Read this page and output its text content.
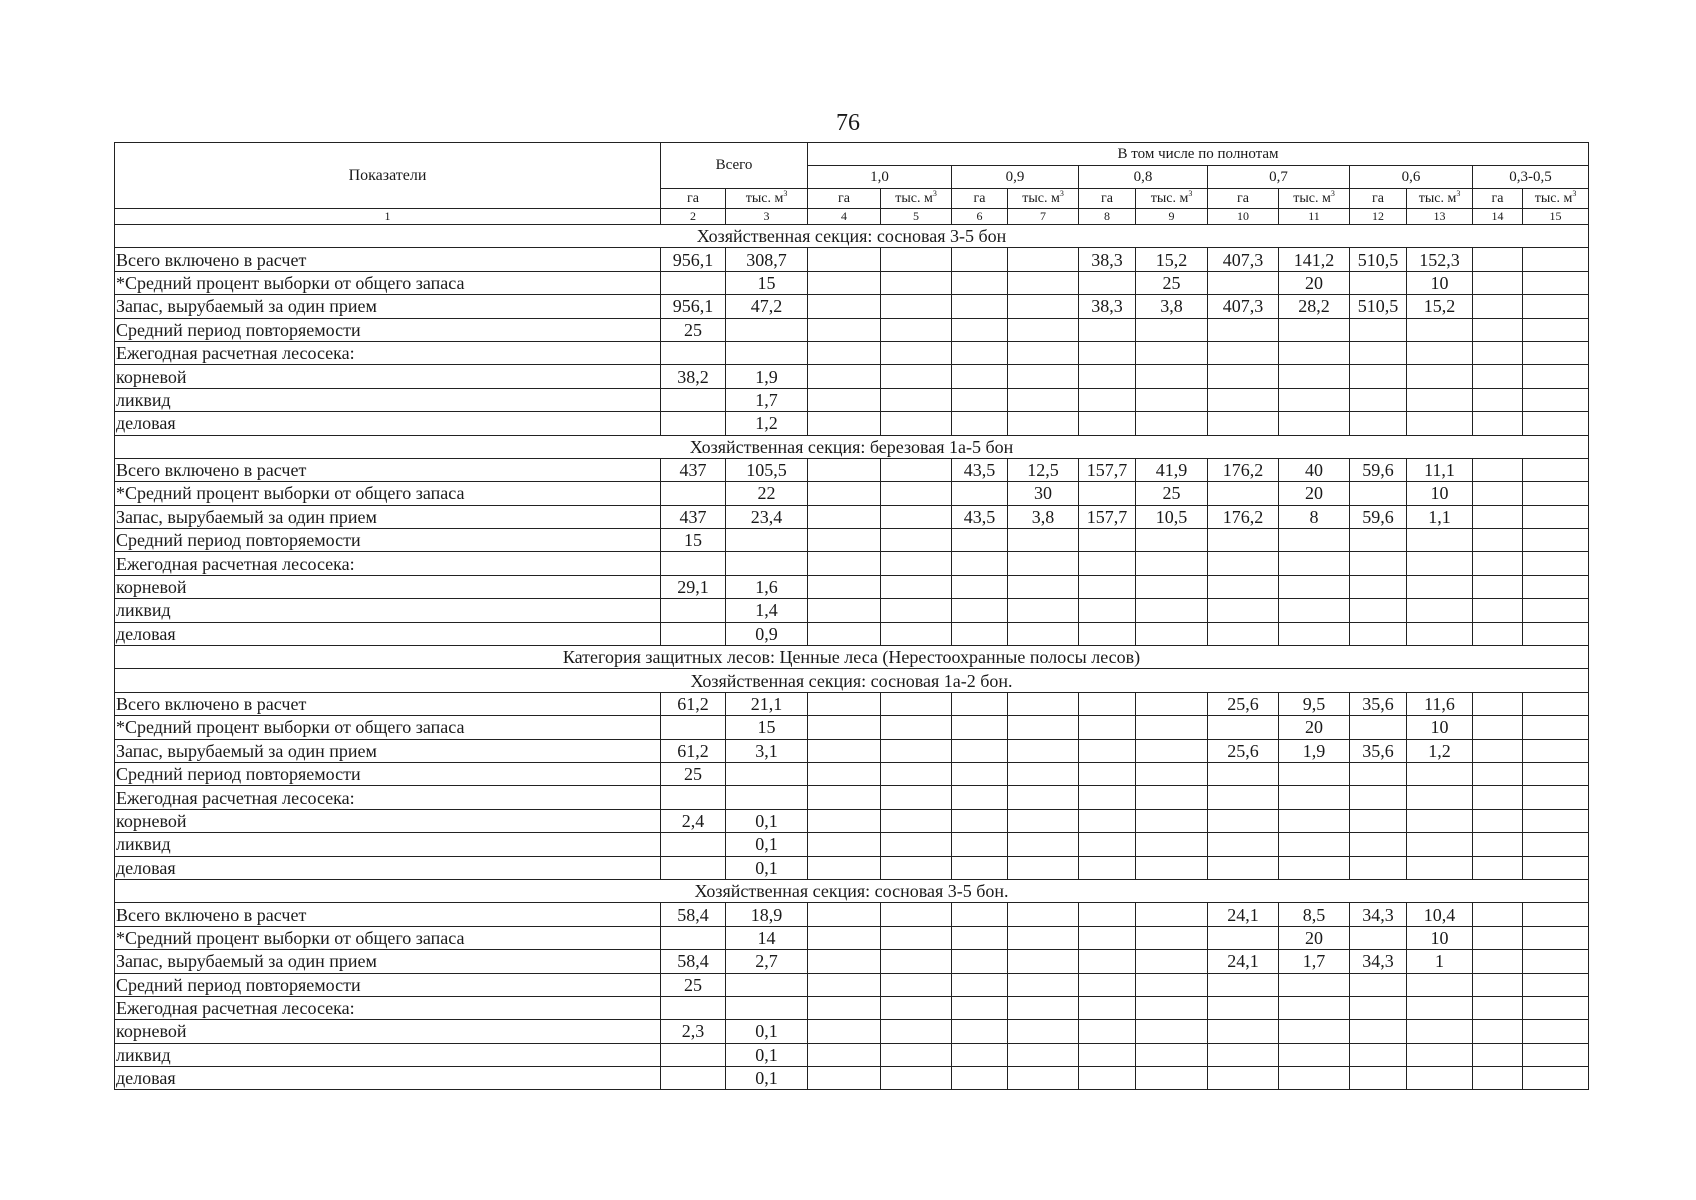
76
Показатели	Всего		В том числе по полнотам											
			1,0		0,9		0,8		0,7		0,6		0,3-0,5	
	га	тыс. $м^3$	га	тыс. $м^3$	га	тыс. $м^3$	га	тыс. $м^3$	га	тыс. $м^3$	га	тыс. $м^3$	га	тыс. $м^3$
1	2	3	4	5	6	7	8	9	10	11	12	13	14	15
Хозяйственная секция: сосновая 3-5 бон														
Всего включено в расчет	956,1	308,7					38,3	15,2	407,3	141,2	510,5	152,3		
*Средний процент выборки от общего запаса		15						25		20		10		
Запас, вырубаемый за один прием	956,1	47,2					38,3	3,8	407,3	28,2	510,5	15,2		
Средний период повторяемости	25													
Ежегодная расчетная лесосека:														
корневой	38,2	1,9												
ликвид		1,7												
деловая		1,2												
Хозяйственная секция: березовая 1а-5 бон														
Всего включено в расчет	437	105,5			43,5	12,5	157,7	41,9	176,2	40	59,6	11,1		
*Средний процент выборки от общего запаса		22				30		25		20		10		
Запас, вырубаемый за один прием	437	23,4			43,5	3,8	157,7	10,5	176,2	8	59,6	1,1		
Средний период повторяемости	15													
Ежегодная расчетная лесосека:														
корневой	29,1	1,6												
ликвид		1,4												
деловая		0,9												
Категория защитных лесов: Ценные леса (Нерестоохранные полосы лесов)														
Хозяйственная секция: сосновая 1а-2 бон.														
Всего включено в расчет	61,2	21,1							25,6	9,5	35,6	11,6		
*Средний процент выборки от общего запаса		15								20		10		
Запас, вырубаемый за один прием	61,2	3,1							25,6	1,9	35,6	1,2		
Средний период повторяемости	25													
Ежегодная расчетная лесосека:														
корневой	2,4	0,1												
ликвид		0,1												
деловая		0,1												
Хозяйственная секция: сосновая 3-5 бон.														
Всего включено в расчет	58,4	18,9							24,1	8,5	34,3	10,4		
*Средний процент выборки от общего запаса		14								20		10		
Запас, вырубаемый за один прием	58,4	2,7							24,1	1,7	34,3	1		
Средний период повторяемости	25													
Ежегодная расчетная лесосека:														
корневой	2,3	0,1												
ликвид		0,1												
деловая		0,1												
